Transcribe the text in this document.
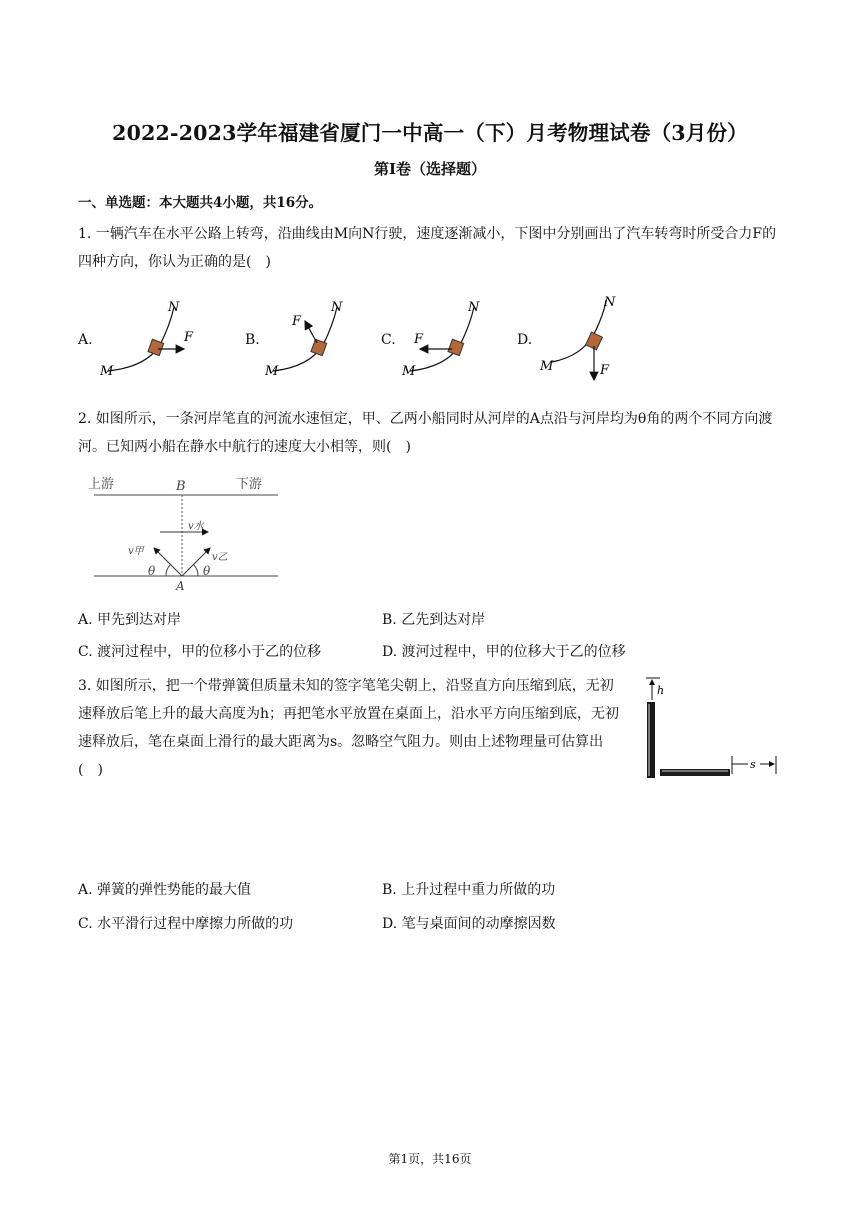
2022-2023学年福建省厦门一中高一（下）月考物理试卷（3月份）
第I卷（选择题）
一、单选题：本大题共4小题，共16分。
1. 一辆汽车在水平公路上转弯，沿曲线由M向N行驶，速度逐渐减小，下图中分别画出了汽车转弯时所受合力F的四种方向，你认为正确的是(　)
A.	B.	C.	D.
F
M
N
F
M
N
F
M
N
F
M
N
2. 如图所示，一条河岸笔直的河流水速恒定，甲、乙两小船同时从河岸的A点沿与河岸均为θ角的两个不同方向渡河。已知两小船在静水中航行的速度大小相等，则(　)
上游	下游
B
v水
v甲
v乙
θ	θ
A
A. 甲先到达对岸	B. 乙先到达对岸
C. 渡河过程中，甲的位移小于乙的位移	D. 渡河过程中，甲的位移大于乙的位移
3. 如图所示，把一个带弹簧但质量未知的签字笔笔尖朝上，沿竖直方向压缩到底，无初速释放后笔上升的最大高度为h；再把笔水平放置在桌面上，沿水平方向压缩到底，无初速释放后，笔在桌面上滑行的最大距离为s。忽略空气阻力。则由上述物理量可估算出(　)
h
s
A. 弹簧的弹性势能的最大值	B. 上升过程中重力所做的功
C. 水平滑行过程中摩擦力所做的功	D. 笔与桌面间的动摩擦因数
第1页，共16页
